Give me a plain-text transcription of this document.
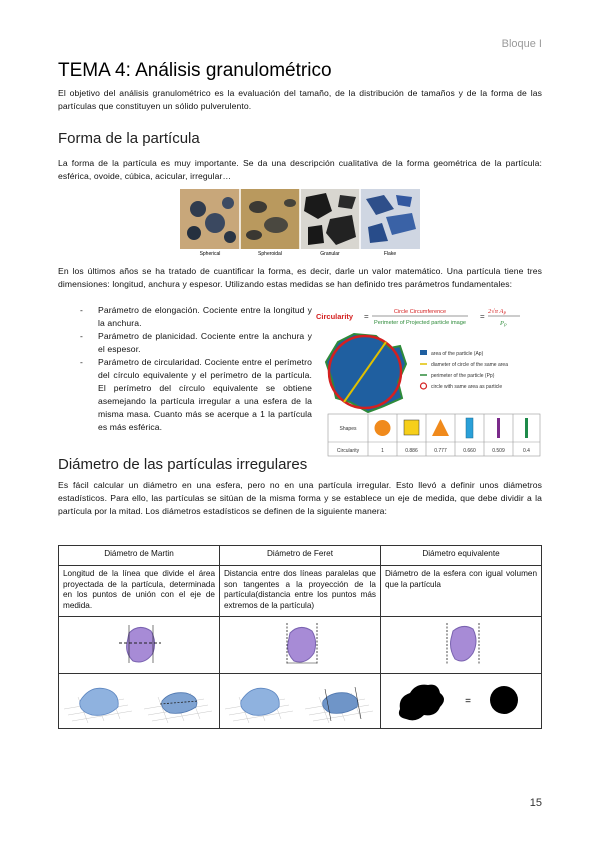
Bloque I
TEMA 4: Análisis granulométrico
El objetivo del análisis granulométrico es la evaluación del tamaño, de la distribución de tamaños y de la forma de las partículas que constituyen un sólido pulverulento.
Forma de la partícula
La forma de la partícula es muy importante. Se da una descripción cualitativa de la forma geométrica de la partícula: esférica, ovoide, cúbica, acicular, irregular…
Spherical	Spheroidal	Granular	Flake
En los últimos años se ha tratado de cuantificar la forma, es decir, darle un valor matemático. Una partícula tiene tres dimensiones: longitud, anchura y espesor. Utilizando estas medidas se han definido tres parámetros fundamentales:
- Parámetro de elongación. Cociente entre la longitud y la anchura.
- Parámetro de planicidad. Cociente entre la anchura y el espesor.
- Parámetro de circularidad. Cociente entre el perímetro del círculo equivalente y el perímetro de la partícula. El perímetro del círculo equivalente se obtiene asemejando la partícula irregular a una esfera de la misma masa. Cuanto más se acerque a 1 la partícula es más esférica.
Circularity =	Circle Circumference
Perimeter of Projected particle image
=
2√π $A_P$
$P_P$
area of the particle (Ap)
diameter of circle of the same area
perimeter of the particle (Pp)
circle with same area as particle
Shapes
Circularity	1	0.886	0.777	0.660	0.509	0.4
Diámetro de las partículas irregulares
Es fácil calcular un diámetro en una esfera, pero no en una partícula irregular. Esto llevó a definir unos diámetros estadísticos. Para ello, las partículas se sitúan de la misma forma y se establece un eje de medida, que debe dividir a la partícula por la mitad. Los diámetros estadísticos se definen de la siguiente manera:
Diámetro de Martin	Diámetro de Feret	Diámetro equivalente
Longitud de la línea que divide el área proyectada de la partícula, determinada en los puntos de unión con el eje de medida.	Distancia entre dos líneas paralelas que son tangentes a la proyección de la partícula(distancia entre los puntos más extremos de la partícula)	Diámetro de la esfera con igual volumen que la partícula

=
15
